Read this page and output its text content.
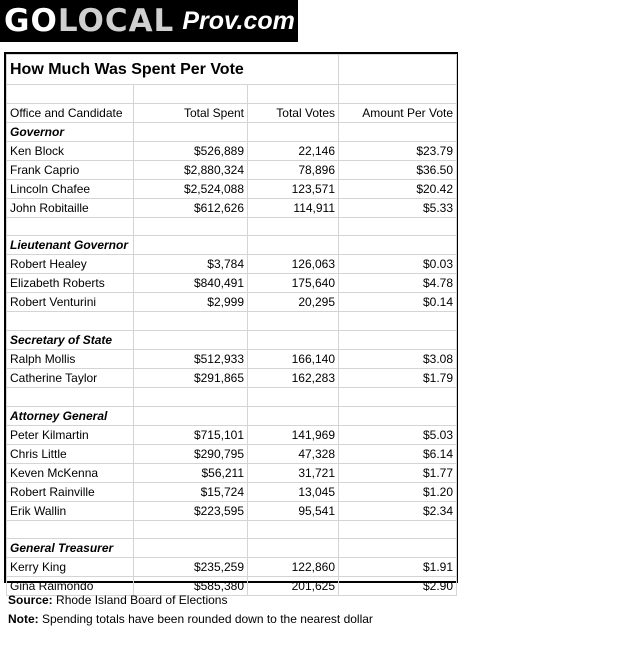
GOLOCAL Prov.com
How Much Was Spent Per Vote			

Office and Candidate	Total Spent	Total Votes	Amount Per Vote
Governor			
Ken Block	$526,889	22,146	$23.79
Frank Caprio	$2,880,324	78,896	$36.50
Lincoln Chafee	$2,524,088	123,571	$20.42
John Robitaille	$612,626	114,911	$5.33

Lieutenant Governor			
Robert Healey	$3,784	126,063	$0.03
Elizabeth Roberts	$840,491	175,640	$4.78
Robert Venturini	$2,999	20,295	$0.14

Secretary of State			
Ralph Mollis	$512,933	166,140	$3.08
Catherine Taylor	$291,865	162,283	$1.79

Attorney General			
Peter Kilmartin	$715,101	141,969	$5.03
Chris Little	$290,795	47,328	$6.14
Keven McKenna	$56,211	31,721	$1.77
Robert Rainville	$15,724	13,045	$1.20
Erik Wallin	$223,595	95,541	$2.34

General Treasurer			
Kerry King	$235,259	122,860	$1.91
Gina Raimondo	$585,380	201,625	$2.90
Source: Rhode Island Board of Elections
Note: Spending totals have been rounded down to the nearest dollar
